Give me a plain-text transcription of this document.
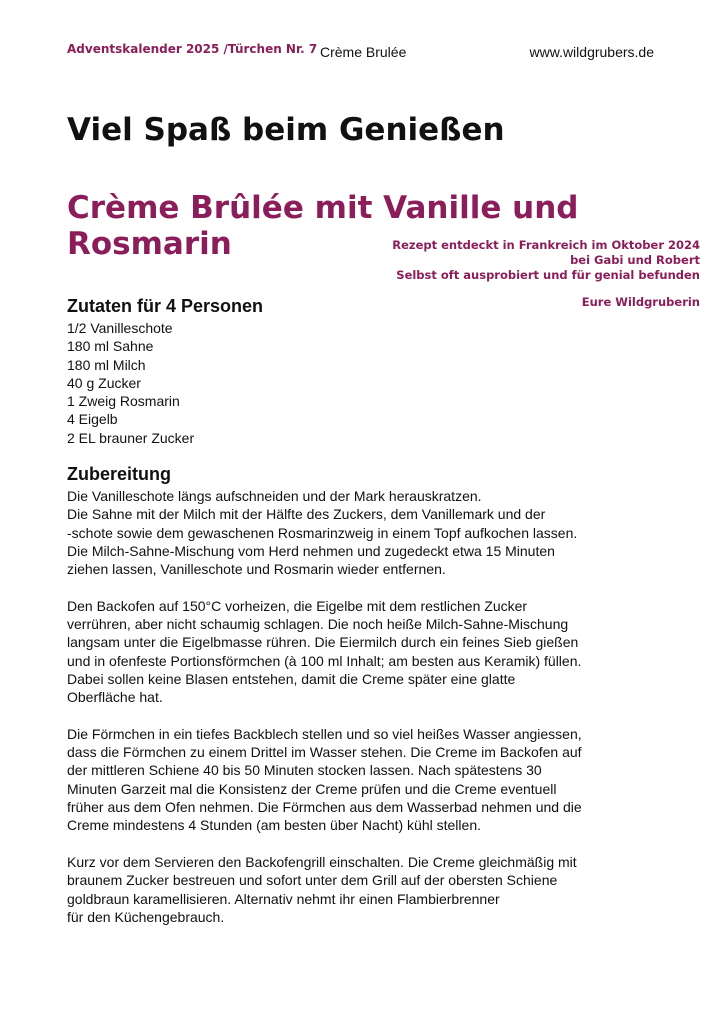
Adventskalender 2025 /Türchen Nr. 7 Crème Brulée	www.wildgrubers.de
Viel Spaß beim Genießen
Crème Brûlée mit Vanille und Rosmarin	Rezept entdeckt in Frankreich im Oktober 2024
bei Gabi und Robert
Selbst oft ausprobiert und für genial befunden
Eure Wildgruberin
Zutaten für 4 Personen
1/2 Vanilleschote
180 ml Sahne
180 ml Milch
40 g Zucker
1 Zweig Rosmarin
4 Eigelb
2 EL brauner Zucker
Zubereitung

Die Vanilleschote längs aufschneiden und der Mark herauskratzen.
Die Sahne mit der Milch mit der Hälfte des Zuckers, dem Vanillemark und der
-schote sowie dem gewaschenen Rosmarinzweig in einem Topf aufkochen lassen.
Die Milch-Sahne-Mischung vom Herd nehmen und zugedeckt etwa 15 Minuten
ziehen lassen, Vanilleschote und Rosmarin wieder entfernen.

Den Backofen auf 150°C vorheizen, die Eigelbe mit dem restlichen Zucker
verrühren, aber nicht schaumig schlagen. Die noch heiße Milch-Sahne-Mischung
langsam unter die Eigelbmasse rühren. Die Eiermilch durch ein feines Sieb gießen
und in ofenfeste Portionsförmchen (à 100 ml Inhalt; am besten aus Keramik) füllen.
Dabei sollen keine Blasen entstehen, damit die Creme später eine glatte
Oberfläche hat.

Die Förmchen in ein tiefes Backblech stellen und so viel heißes Wasser angiessen,
dass die Förmchen zu einem Drittel im Wasser stehen. Die Creme im Backofen auf
der mittleren Schiene 40 bis 50 Minuten stocken lassen. Nach spätestens 30
Minuten Garzeit mal die Konsistenz der Creme prüfen und die Creme eventuell
früher aus dem Ofen nehmen. Die Förmchen aus dem Wasserbad nehmen und die
Creme mindestens 4 Stunden (am besten über Nacht) kühl stellen.

Kurz vor dem Servieren den Backofengrill einschalten. Die Creme gleichmäßig mit
braunem Zucker bestreuen und sofort unter dem Grill auf der obersten Schiene
goldbraun karamellisieren. Alternativ nehmt ihr einen Flambierbrenner
für den Küchengebrauch.
